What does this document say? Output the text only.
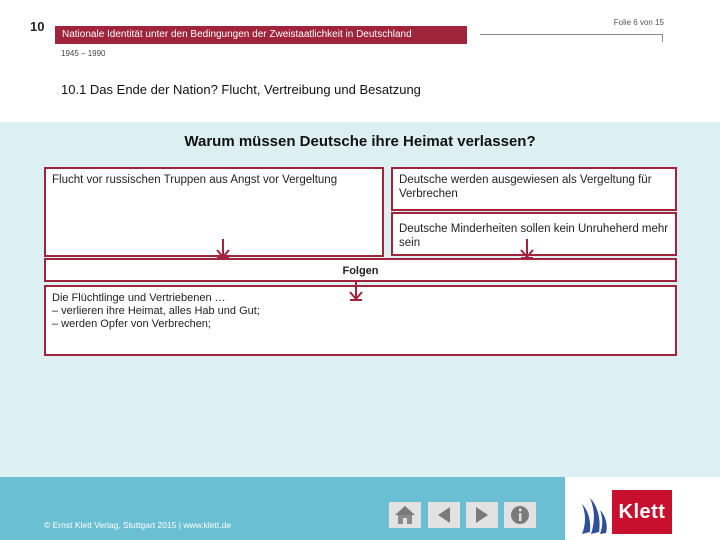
10	Folie 6 von 15
Nationale Identität unter den Bedingungen der Zweistaatlichkeit in Deutschland
1945 – 1990
10.1 Das Ende der Nation? Flucht, Vertreibung und Besatzung
Warum müssen Deutsche ihre Heimat verlassen?
Flucht vor russischen Truppen aus Angst vor Vergeltung	Deutsche werden ausgewiesen als Vergeltung für Verbrechen
Deutsche Minderheiten sollen kein Unruheherd mehr sein
Folgen
Die Flüchtlinge und Vertriebenen …
– verlieren ihre Heimat, alles Hab und Gut;
– werden Opfer von Verbrechen;
© Ernst Klett Verlag, Stuttgart 2015 | www.klett.de
Klett
